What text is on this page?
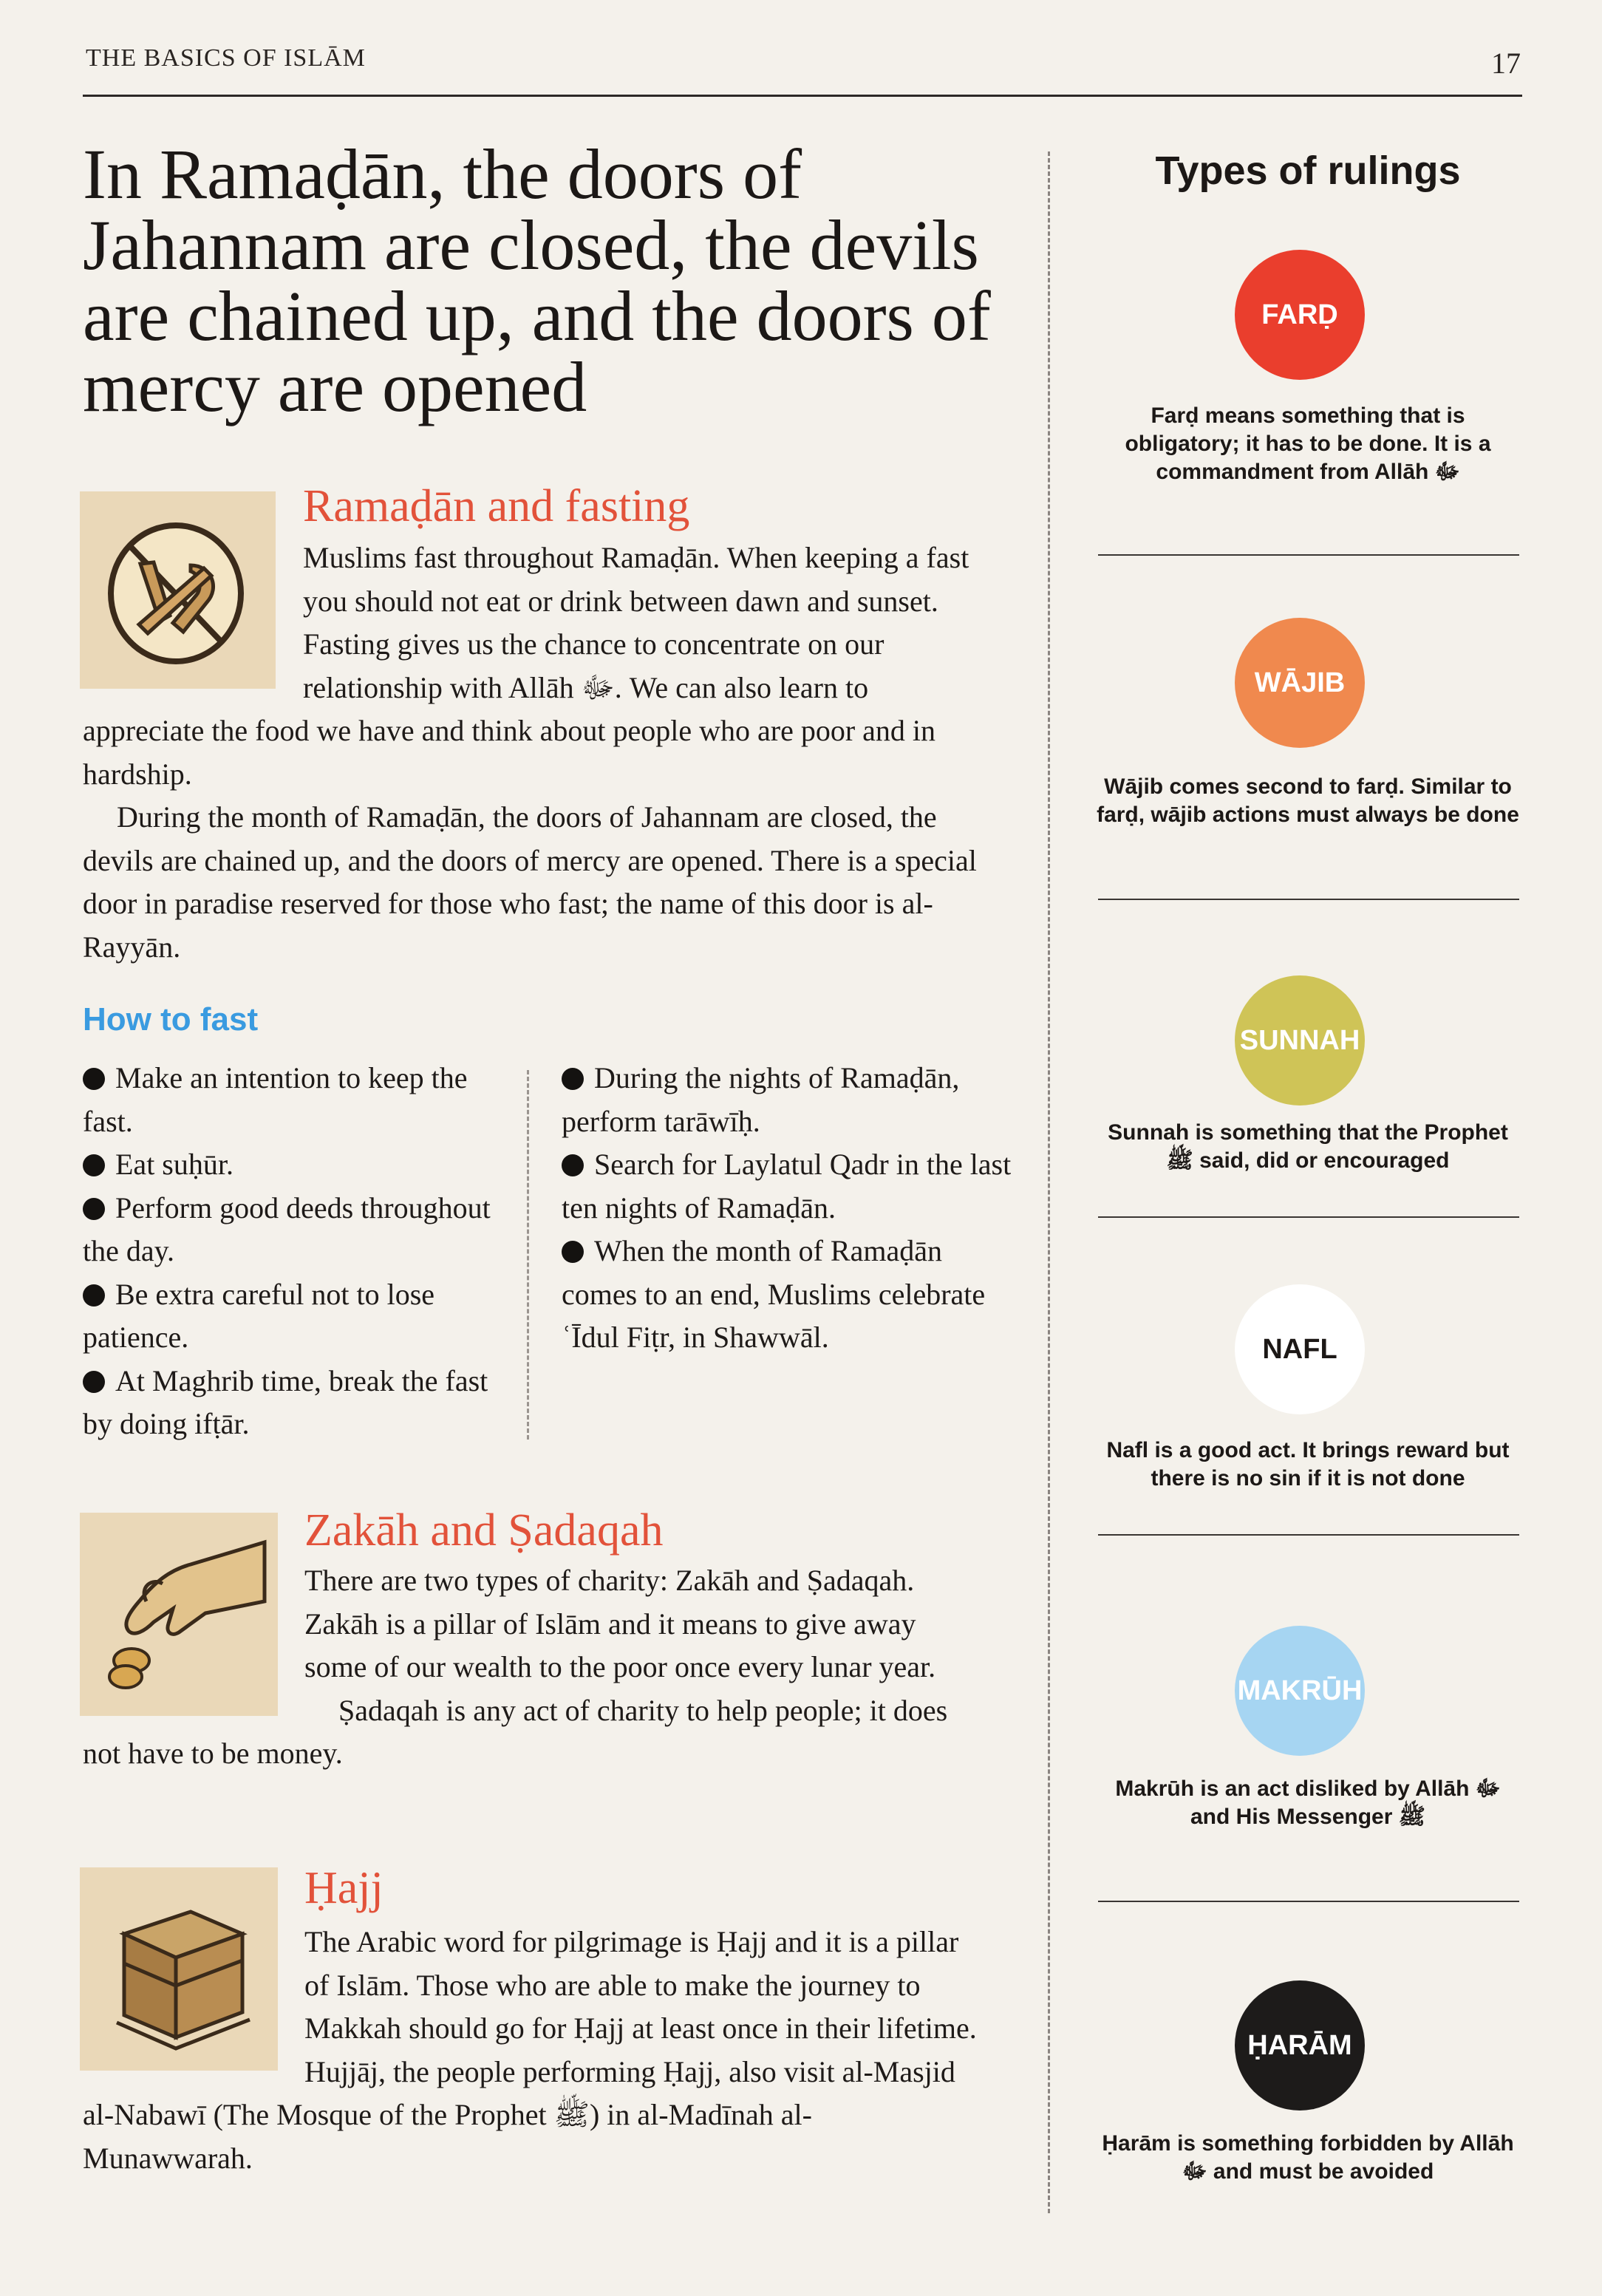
THE BASICS OF ISLĀM	17
In Ramaḍān, the doors of Jahannam are closed, the devils are chained up, and the doors of mercy are opened
Ramaḍān and fasting

Muslims fast throughout Ramaḍān. When keeping a fast you should not eat or drink between dawn and sunset. Fasting gives us the chance to concentrate on our relationship with Allāh ﷻ. We can also learn to appreciate the food we have and think about people who are poor and in hardship.

During the month of Ramaḍān, the doors of Jahannam are closed, the devils are chained up, and the doors of mercy are opened. There is a special door in paradise reserved for those who fast; the name of this door is al-Rayyān.

How to fast
Make an intention to keep the fast.
Eat suḥūr.
Perform good deeds throughout the day.
Be extra careful not to lose patience.
At Maghrib time, break the fast by doing ifṭār.
During the nights of Ramaḍān, perform tarāwīḥ.
Search for Laylatul Qadr in the last ten nights of Ramaḍān.
When the month of Ramaḍān comes to an end, Muslims celebrate ʿĪdul Fiṭr, in Shawwāl.
Zakāh and Ṣadaqah

There are two types of charity: Zakāh and Ṣadaqah. Zakāh is a pillar of Islām and it means to give away some of our wealth to the poor once every lunar year.

Ṣadaqah is any act of charity to help people; it does not have to be money.

Ḥajj

The Arabic word for pilgrimage is Ḥajj and it is a pillar of Islām. Those who are able to make the journey to Makkah should go for Ḥajj at least once in their lifetime. Hujjāj, the people performing Ḥajj, also visit al-Masjid al-Nabawī (The Mosque of the Prophet ﷺ) in al-Madīnah al-Munawwarah.

Types of rulings
FARḌ
Farḍ means something that is obligatory; it has to be done. It is a commandment from Allāh ﷻ
WĀJIB
Wājib comes second to farḍ. Similar to farḍ, wājib actions must always be done
SUNNAH
Sunnah is something that the Prophet ﷺ said, did or encouraged
NAFL
Nafl is a good act. It brings reward but there is no sin if it is not done
MAKRŪH
Makrūh is an act disliked by Allāh ﷻ and His Messenger ﷺ
ḤARĀM
Ḥarām is something forbidden by Allāh ﷻ and must be avoided
